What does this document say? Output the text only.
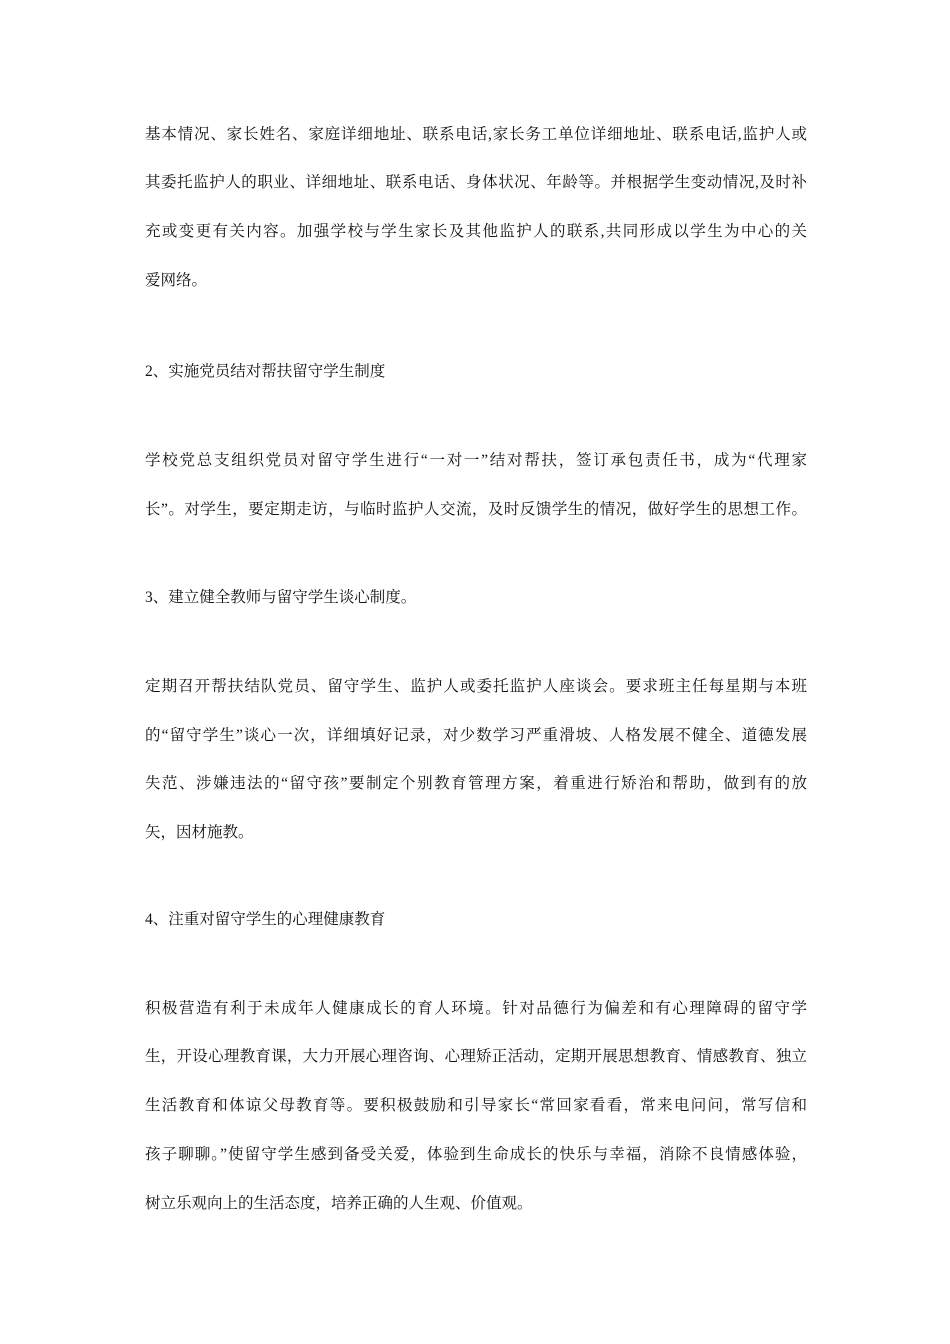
基本情况、家长姓名、家庭详细地址、联系电话,家长务工单位详细地址、联系电话,监护人或
其委托监护人的职业、详细地址、联系电话、身体状况、年龄等。并根据学生变动情况,及时补
充或变更有关内容。加强学校与学生家长及其他监护人的联系,共同形成以学生为中心的关
爱网络。
2、实施党员结对帮扶留守学生制度
学校党总支组织党员对留守学生进行“一对一”结对帮扶，签订承包责任书，成为“代理家
长”。对学生，要定期走访，与临时监护人交流，及时反馈学生的情况，做好学生的思想工作。
3、建立健全教师与留守学生谈心制度。
定期召开帮扶结队党员、留守学生、监护人或委托监护人座谈会。要求班主任每星期与本班
的“留守学生”谈心一次，详细填好记录，对少数学习严重滑坡、人格发展不健全、道德发展
失范、涉嫌违法的“留守孩”要制定个别教育管理方案，着重进行矫治和帮助，做到有的放
矢，因材施教。
4、注重对留守学生的心理健康教育
积极营造有利于未成年人健康成长的育人环境。针对品德行为偏差和有心理障碍的留守学
生，开设心理教育课，大力开展心理咨询、心理矫正活动，定期开展思想教育、情感教育、独立
生活教育和体谅父母教育等。要积极鼓励和引导家长“常回家看看，常来电问问，常写信和
孩子聊聊。”使留守学生感到备受关爱，体验到生命成长的快乐与幸福，消除不良情感体验，
树立乐观向上的生活态度，培养正确的人生观、价值观。
